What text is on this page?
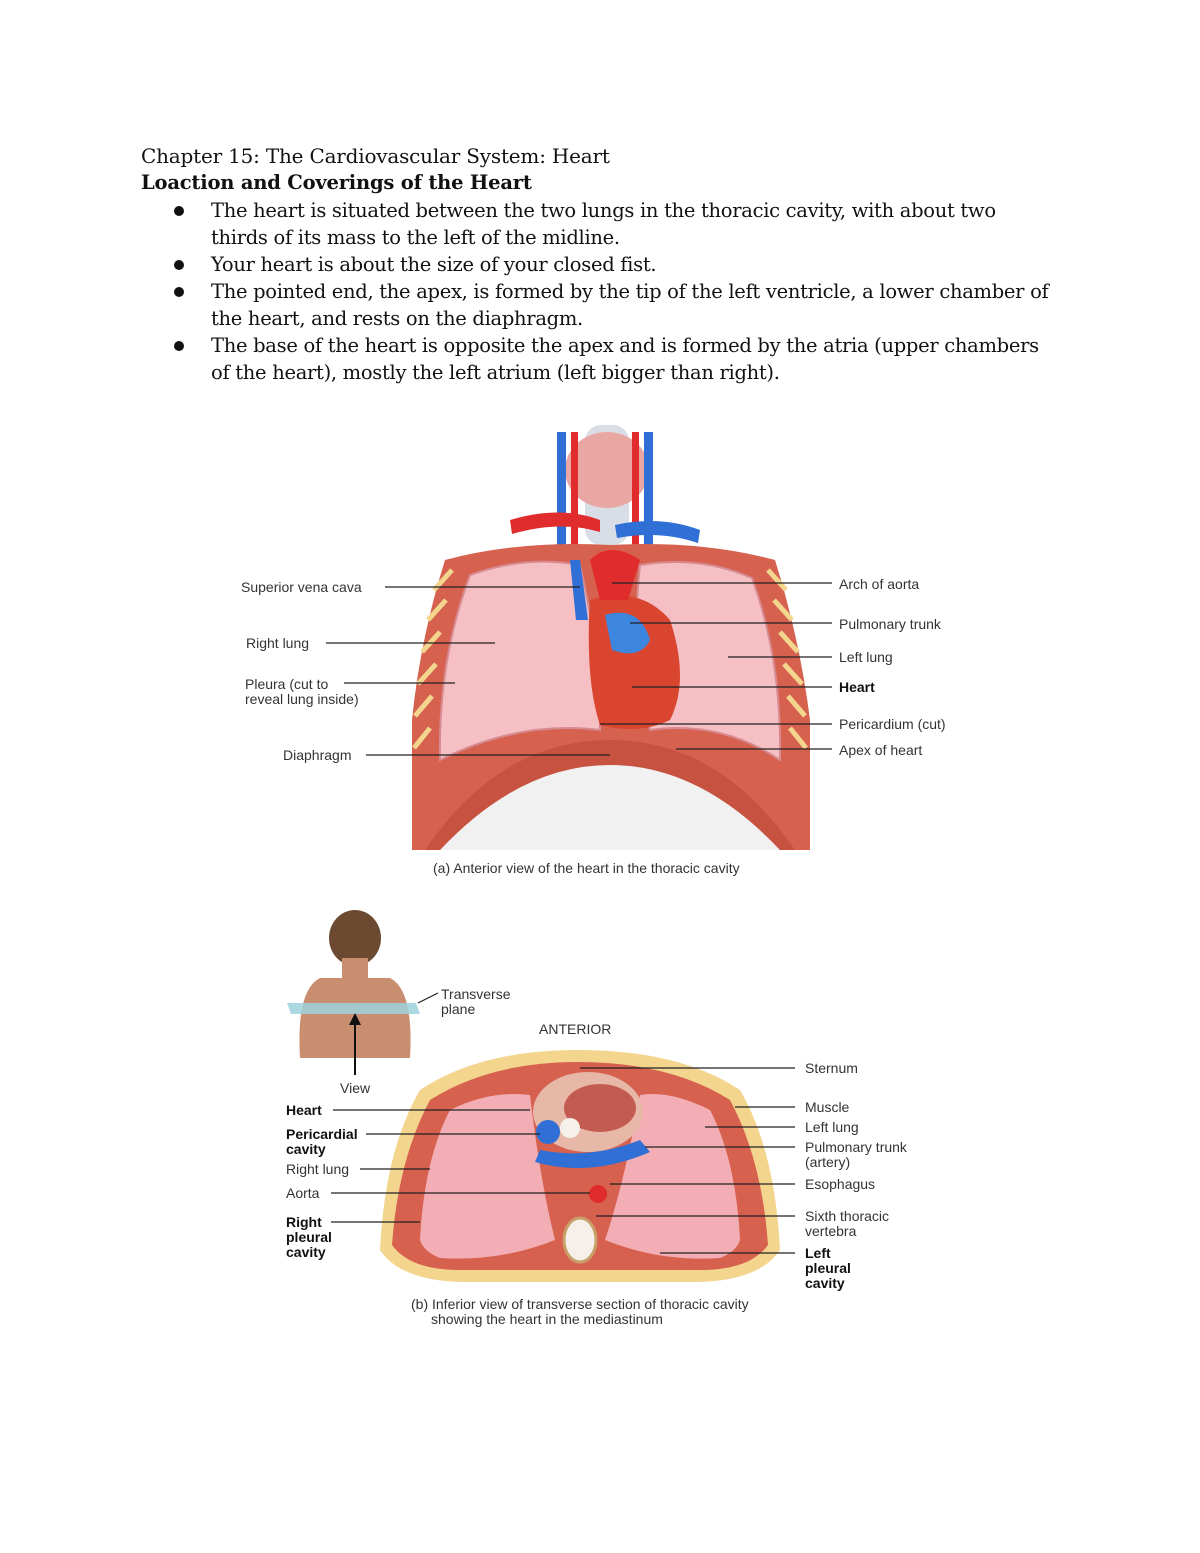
Chapter 15: The Cardiovascular System: Heart
Loaction and Coverings of the Heart
The heart is situated between the two lungs in the thoracic cavity, with about two thirds of its mass to the left of the midline.
Your heart is about the size of your closed fist.
The pointed end, the apex, is formed by the tip of the left ventricle, a lower chamber of the heart, and rests on the diaphragm.
The base of the heart is opposite the apex and is formed by the atria (upper chambers of the heart), mostly the left atrium (left bigger than right).
Superior vena cava
Right lung
Pleura (cut to
reveal lung inside)
Diaphragm
Arch of aorta
Pulmonary trunk
Left lung
Heart
Pericardium (cut)
Apex of heart
(a) Anterior view of the heart in the thoracic cavity
Transverse
plane
View
ANTERIOR
Heart
Pericardial
cavity
Right lung
Aorta
Right
pleural
cavity
Sternum
Muscle
Left lung
Pulmonary trunk
(artery)
Esophagus
Sixth thoracic
vertebra
Left
pleural
cavity
(b) Inferior view of transverse section of thoracic cavity
showing the heart in the mediastinum
